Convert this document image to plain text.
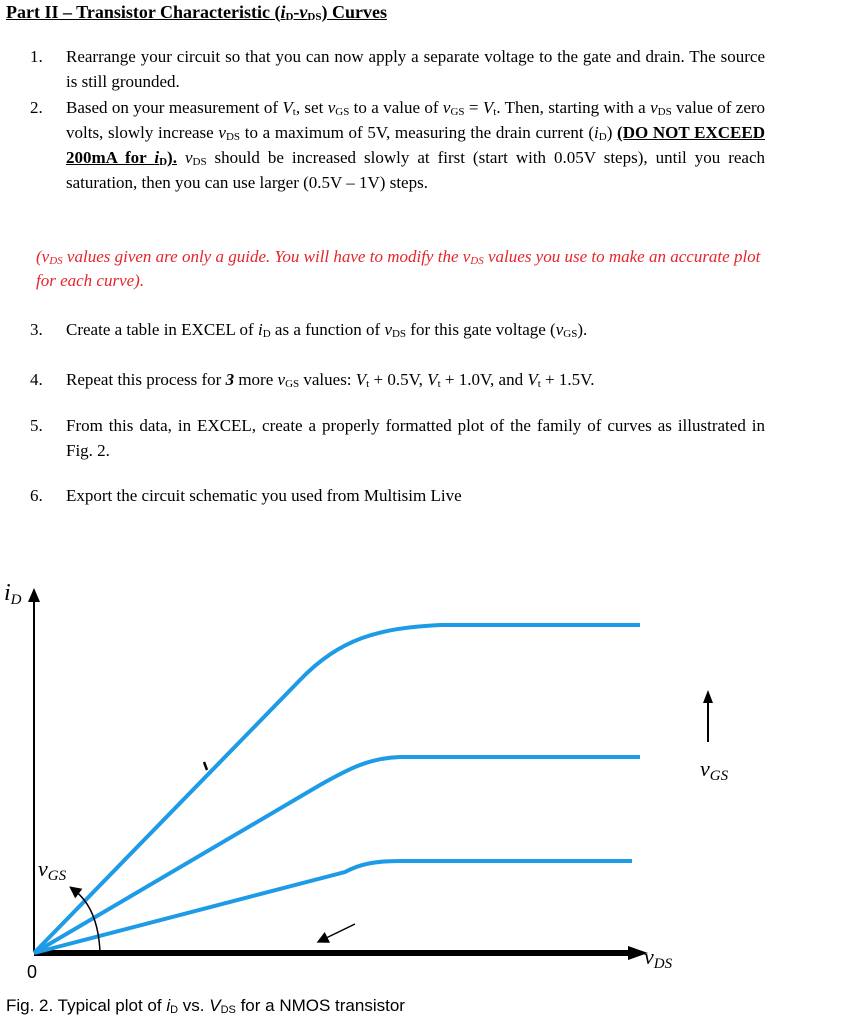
Part II – Transistor Characteristic $(i_D-v_{DS})$ Curves
1.	Rearrange your circuit so that you can now apply a separate voltage to the gate and drain. The source is still grounded.
2.	Based on your measurement of $V_t$, set $v_{GS}$ to a value of $v_{GS} = V_t$. Then, starting with a $v_{DS}$ value of zero volts, slowly increase $v_{DS}$ to a maximum of 5V, measuring the drain current $(i_D)$ (DO NOT EXCEED 200mA for $i_D$). $v_{DS}$ should be increased slowly at first (start with 0.05V steps), until you reach saturation, then you can use larger (0.5V – 1V) steps.
3.	Create a table in EXCEL of $i_D$ as a function of $v_{DS}$ for this gate voltage $(v_{GS})$.
4.	Repeat this process for 3 more $v_{GS}$ values: $V_t + 0.5V$, $V_t + 1.0V$, and $V_t + 1.5V$.
5.	From this data, in EXCEL, create a properly formatted plot of the family of curves as illustrated in Fig. 2.
6.	Export the circuit schematic you used from Multisim Live
($v_{DS}$ values given are only a guide. You will have to modify the $v_{DS}$ values you use to make an accurate plot for each curve).
iD
vDS
vGS
vGS
0
Fig. 2. Typical plot of $i_D$ vs. $V_{DS}$ for a NMOS transistor
